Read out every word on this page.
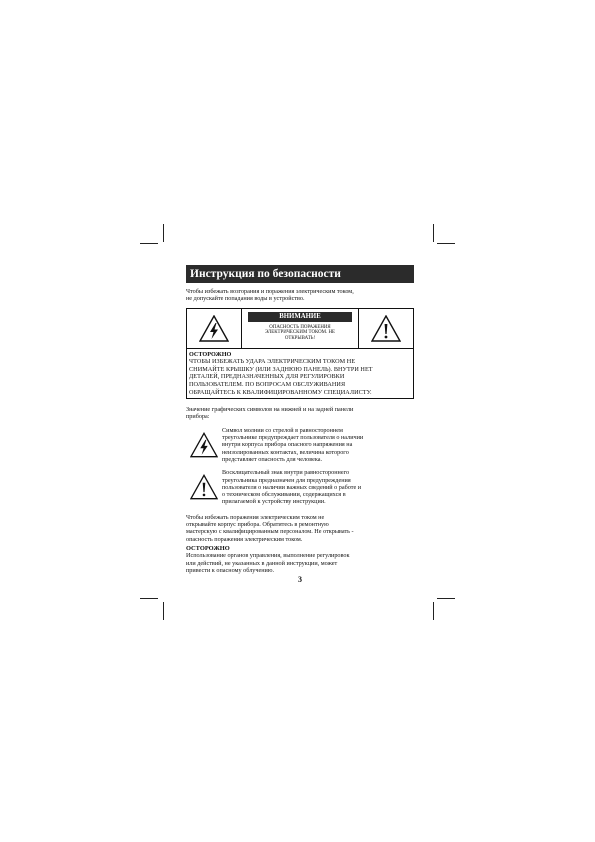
Инструкция по безопасности

Чтобы избежать возгорания и поражения электрическим током,

не допускайте попадания воды в устройство.

ВНИМАНИЕ
ОПАСНОСТЬ ПОРАЖЕНИЯ
ЭЛЕКТРИЧЕСКИМ ТОКОМ. НЕ
ОТКРЫВАТЬ!
ОСТОРОЖНО
ЧТОБЫ ИЗБЕЖАТЬ УДАРА ЭЛЕКТРИЧЕСКИМ ТОКОМ НЕ
СНИМАЙТЕ КРЫШКУ (ИЛИ ЗАДНЮЮ ПАНЕЛЬ). ВНУТРИ НЕТ
ДЕТАЛЕЙ, ПРЕДНАЗНАЧЕННЫХ ДЛЯ РЕГУЛИРОВКИ
ПОЛЬЗОВАТЕЛЕМ. ПО ВОПРОСАМ ОБСЛУЖИВАНИЯ
ОБРАЩАЙТЕСЬ К КВАЛИФИЦИРОВАННОМУ СПЕЦИАЛИСТУ.

Значение графических символов на нижней и на задней панели

прибора:

Символ молнии со стрелой в равностороннем

треугольнике предупреждает пользователя о наличии

внутри корпуса прибора опасного напряжения на

неизолированных контактах, величина которого

представляет опасность для человека.

Восклицательный знак внутри равностороннего

треугольника предназначен для предупреждения

пользователя о наличии важных сведений о работе и

о техническом обслуживании, содержащихся в

прилагаемой к устройству инструкции.

Чтобы избежать поражения электрическим током не

открывайте корпус прибора. Обратитесь в ремонтную

мастерскую с квалифицированным персоналом. Не открывать -

опасность поражения электрическим током.

ОСТОРОЖНО

Использование органов управления, выполнение регулировок

или действий, не указанных в данной инструкции, может

привести к опасному облучению.

3
